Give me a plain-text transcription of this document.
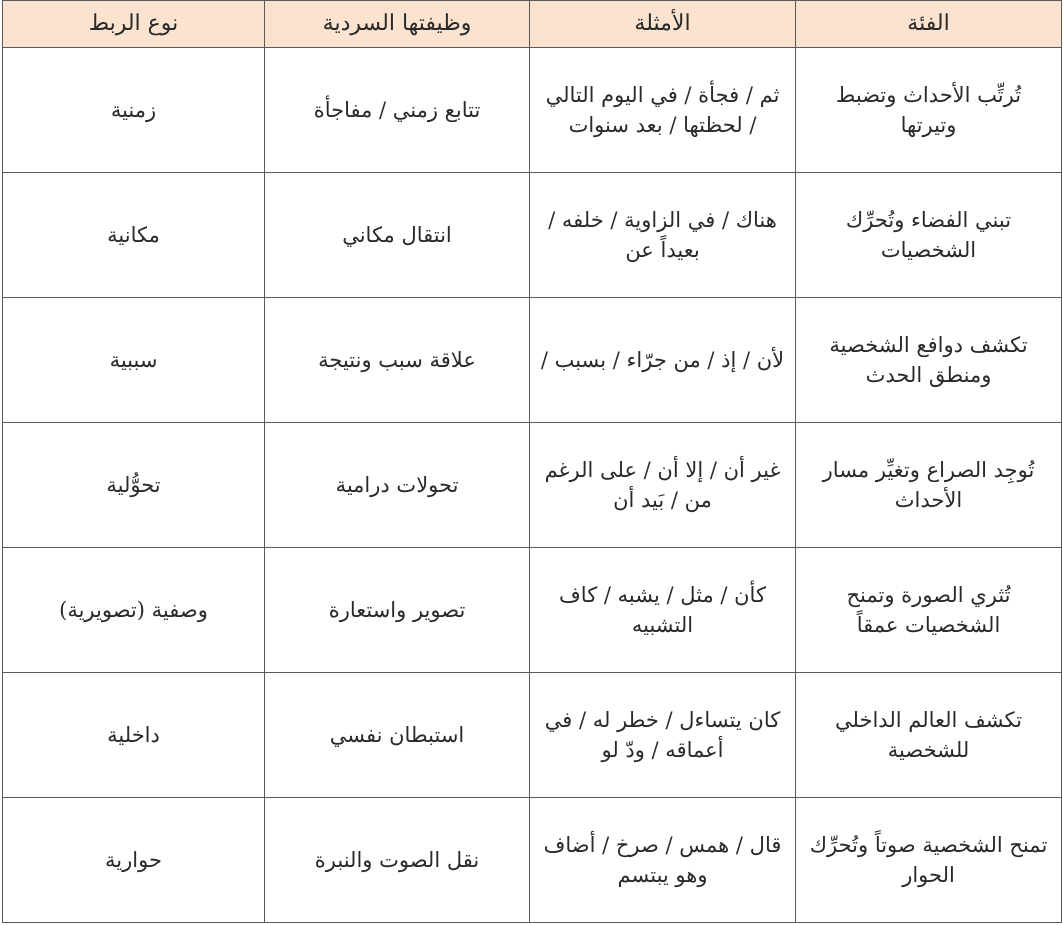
الفئة	الأمثلة	وظيفتها السردية	نوع الربط
تُرتِّب الأحداث وتضبط وتيرتها	ثم / فجأة / في اليوم التالي / لحظتها / بعد سنوات	تتابع زمني / مفاجأة	زمنية
تبني الفضاء وتُحرِّك الشخصيات	هناك / في الزاوية / خلفه / بعيداً عن	انتقال مكاني	مكانية
تكشف دوافع الشخصية ومنطق الحدث	لأن / إذ / من جرّاء / بسبب /	علاقة سبب ونتيجة	سببية
تُوجِد الصراع وتغيِّر مسار الأحداث	غير أن / إلا أن / على الرغم من / بَيد أن	تحولات درامية	تحوُّلية
تُثري الصورة وتمنح الشخصيات عمقاً	كأن / مثل / يشبه / كاف التشبيه	تصوير واستعارة	وصفية (تصويرية)
تكشف العالم الداخلي للشخصية	كان يتساءل / خطر له / في أعماقه / ودّ لو	استبطان نفسي	داخلية
تمنح الشخصية صوتاً وتُحرِّك الحوار	قال / همس / صرخ / أضاف وهو يبتسم	نقل الصوت والنبرة	حوارية
